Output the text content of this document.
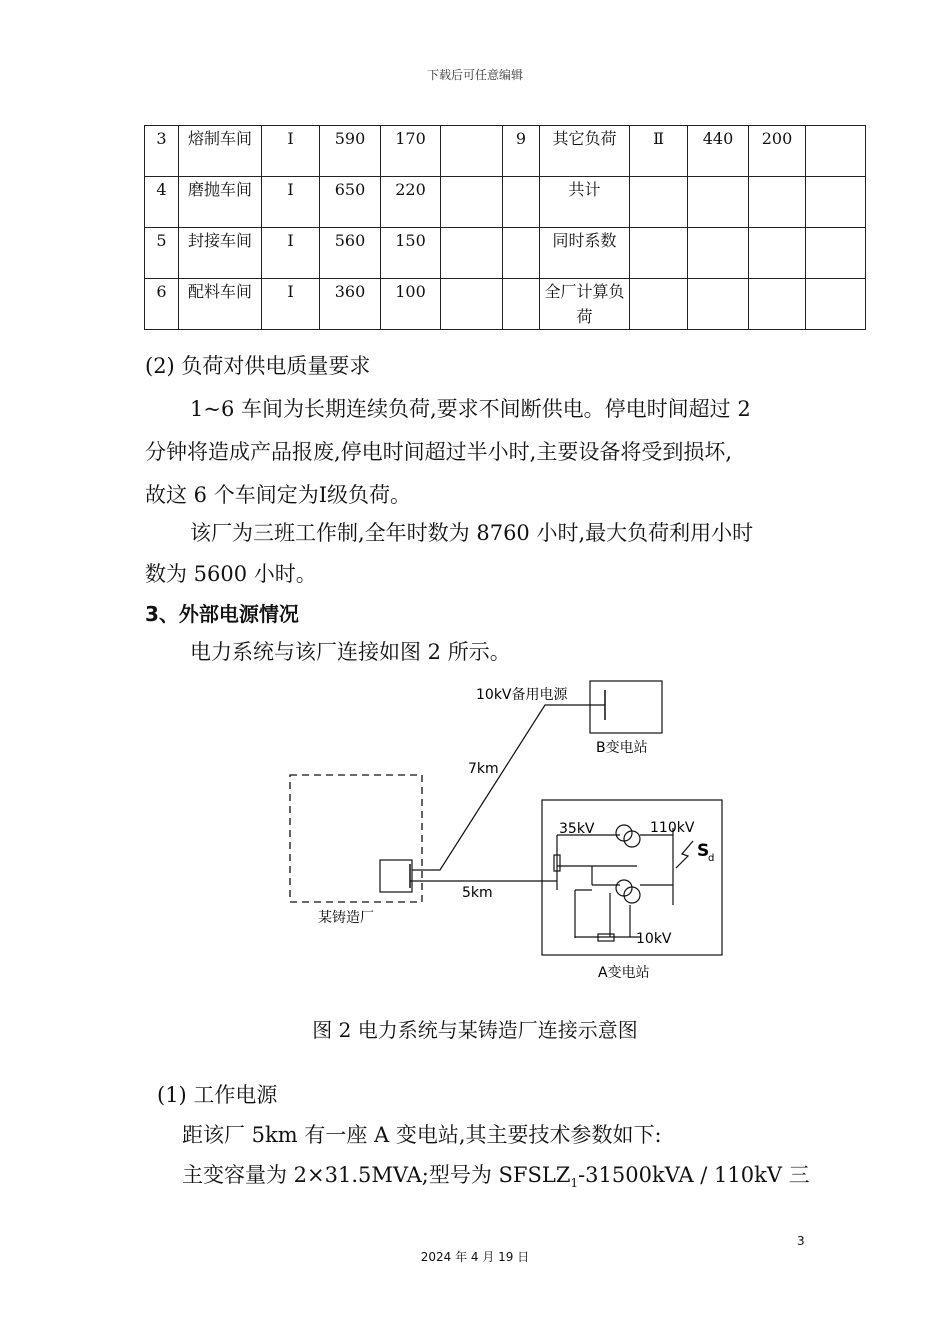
下载后可任意编辑
3	熔制车间	Ⅰ	590	170		9	其它负荷	Ⅱ	440	200	
4	磨抛车间	Ⅰ	650	220			共计				
5	封接车间	Ⅰ	560	150			同时系数				
6	配料车间	Ⅰ	360	100			全厂计算负荷				
(2) 负荷对供电质量要求
1~6 车间为长期连续负荷,要求不间断供电。停电时间超过 2
分钟将造成产品报废,停电时间超过半小时,主要设备将受到损坏,
故这 6 个车间定为Ⅰ级负荷。
该厂为三班工作制,全年时数为 8760 小时,最大负荷利用小时
数为 5600 小时。
3、外部电源情况
电力系统与该厂连接如图 2 所示。
10kV备用电源
B变电站
7km
某铸造厂
5km
35kV	110kV
10kV
S
d
A变电站
图 2 电力系统与某铸造厂连接示意图
(1) 工作电源
距该厂 5km 有一座 A 变电站,其主要技术参数如下:
主变容量为 2×31.5MVA;型号为 $SFSLZ_1-31500kVA / 110kV$ 三
3
2024 年 4 月 19 日
